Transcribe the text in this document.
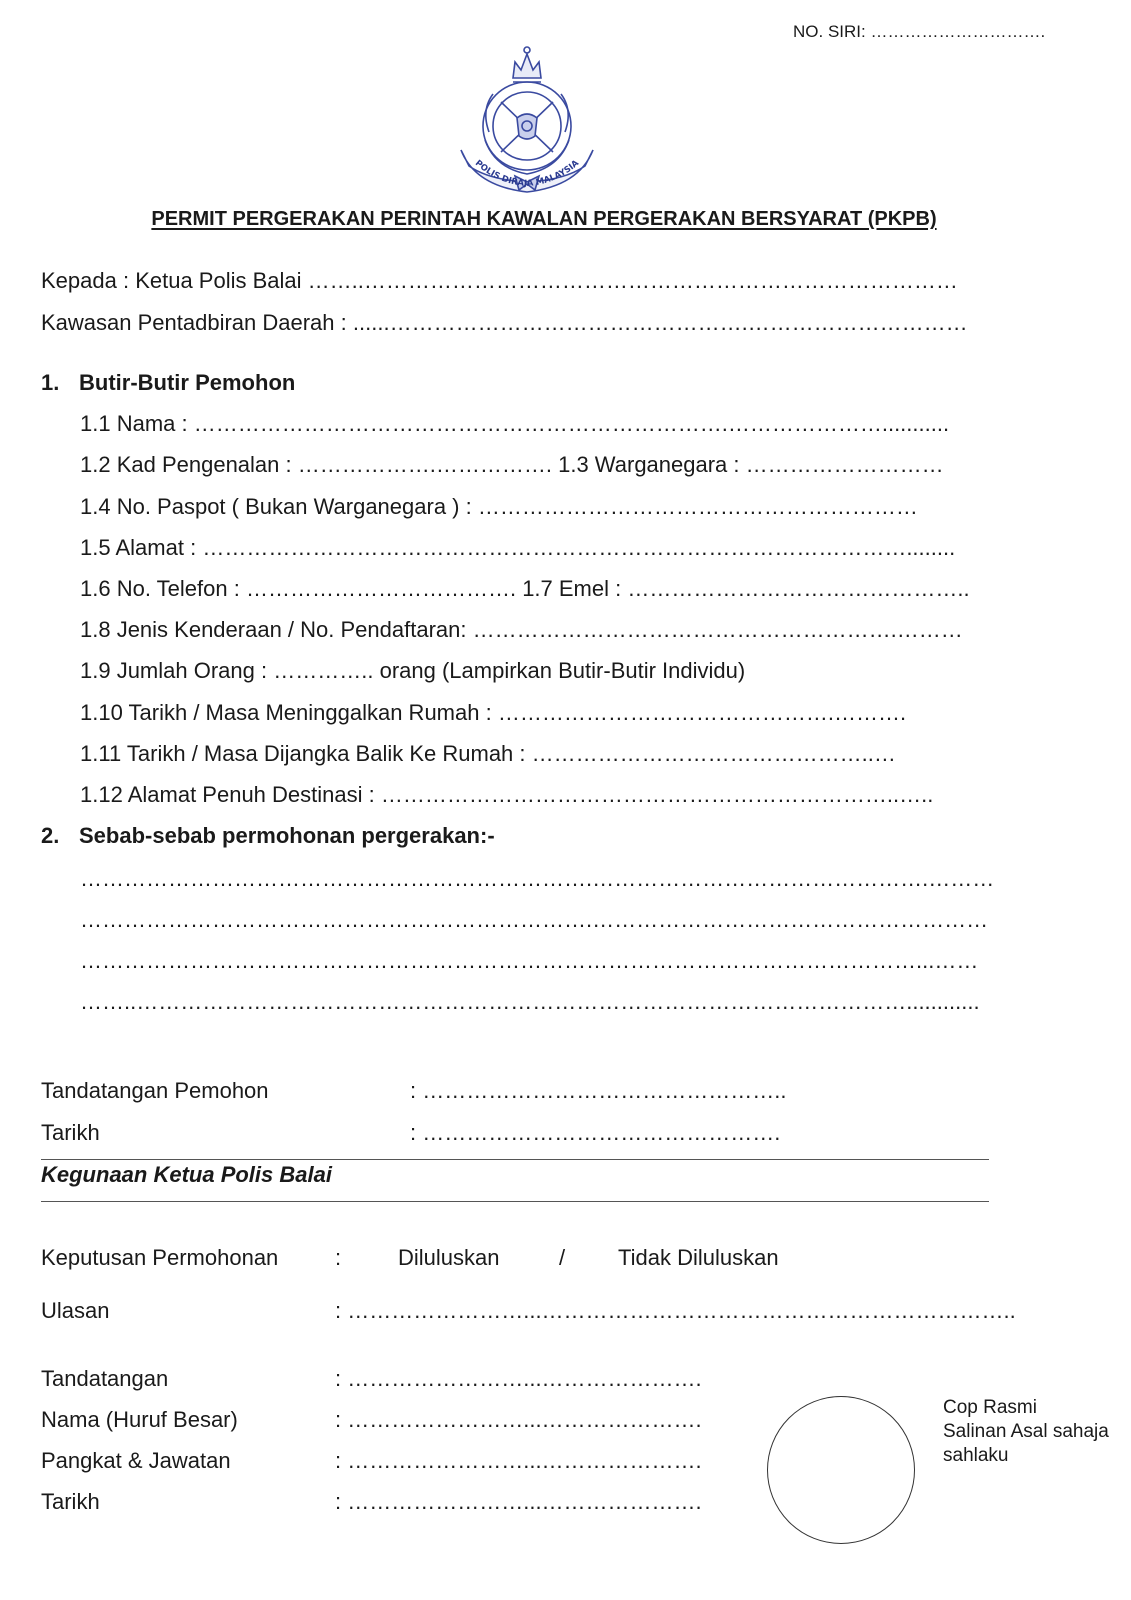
NO. SIRI: ………………………….
POLIS DIRAJA MALAYSIA
PERMIT PERGERAKAN PERINTAH KAWALAN PERGERAKAN BERSYARAT (PKPB)
Kepada : Ketua Polis Balai ……..………………………………………………………………………
Kawasan Pentadbiran Daerah : ......………………………………………….…………………………
1. Butir-Butir Pemohon
1.1 Nama : ……………………………………………………………….…………………...........
1.2 Kad Pengenalan : ……………….……………. 1.3 Warganegara : ………………………
1.4 No. Paspot ( Bukan Warganegara ) : ……………………………………………………
1.5 Alamat : ……………………………………………………………………………………........
1.6 No. Telefon : ………………………………. 1.7 Emel : ………………………………………..
1.8 Jenis Kenderaan / No. Pendaftaran: ………………………………………………….………
1.9 Jumlah Orang : ………….. orang (Lampirkan Butir-Butir Individu)
1.10 Tarikh / Masa Meninggalkan Rumah : ……………………………………….……….
1.11 Tarikh / Masa Dijangka Balik Ke Rumah : ………………………………………..…
1.12 Alamat Penuh Destinasi : ……………………………………………………………..…..
2. Sebab-sebab permohonan pergerakan:-
…………………………………………………………….……………………………………….………
…………………………………………………………….………………………………………………
……………………………………………………………………………………………………...……
……..……………………………………………………………………………………………............
Tandatangan Pemohon	: …………………………………………..
Tarikh	: ………………………………………….
Kegunaan Ketua Polis Balai
Keputusan Permohonan	:	Diluluskan	/ Tidak Diluluskan
Ulasan	: ……………………...………………………………………………………..
Tandatangan	: ……………………...………………….
Nama (Huruf Besar)	: ……………………...………………….
Pangkat & Jawatan	: ……………………...………………….
Tarikh	: ……………………...………………….
Cop Rasmi
Salinan Asal sahaja
sahlaku
